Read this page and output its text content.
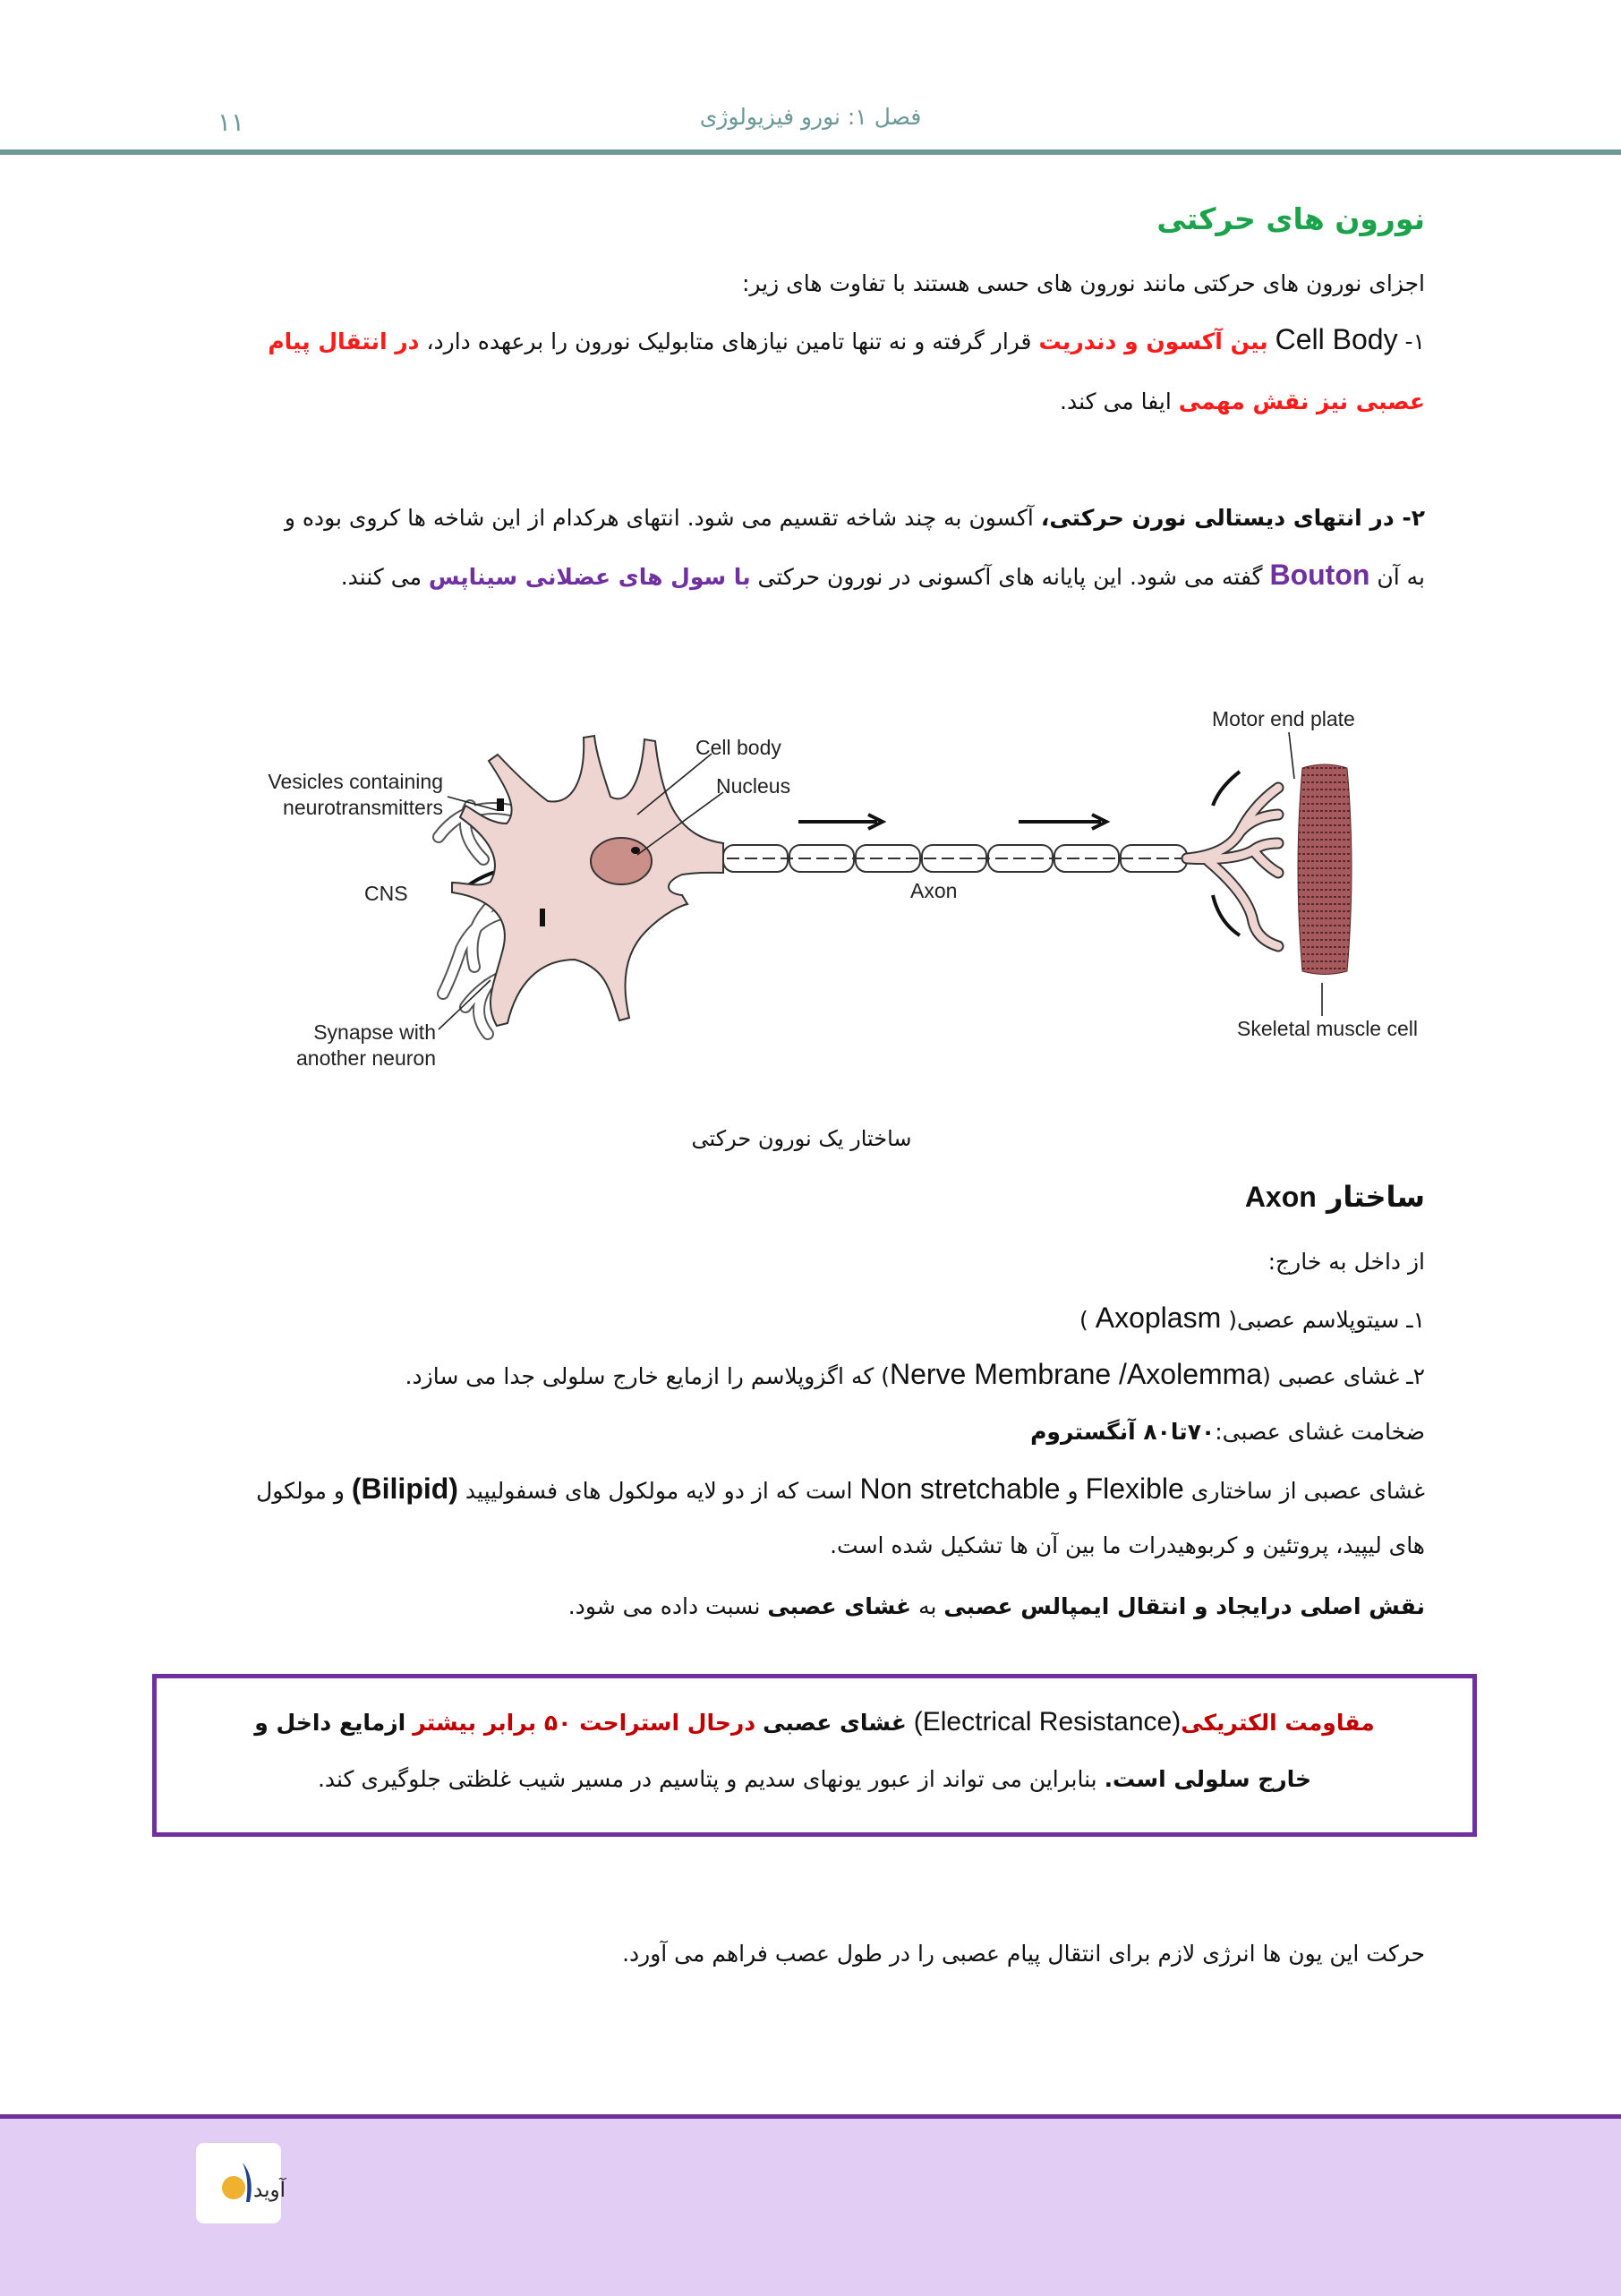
۱۱	فصل ۱: نورو فیزیولوژی
نورون های حرکتی
اجزای نورون های حرکتی مانند نورون های حسی هستند با تفاوت های زیر:
۱- Cell Body بین آکسون و دندریت قرار گرفته و نه تنها تامین نیازهای متابولیک نورون را برعهده دارد، در انتقال پیام
عصبی نیز نقش مهمی ایفا می کند.
۲- در انتهای دیستالی نورن حرکتی، آکسون به چند شاخه تقسیم می شود. انتهای هرکدام از این شاخه ها کروی بوده و
به آن Bouton گفته می شود. این پایانه های آکسونی در نورون حرکتی با سول های عضلانی سیناپس می کنند.
Vesicles containing
neurotransmitters
Cell body
Nucleus
CNS	Axon
Synapse with
another neuron
Motor end plate
Skeletal muscle cell
ساختار یک نورون حرکتی
ساختار Axon
از داخل به خارج:
۱ـ سیتوپلاسم عصبی( Axoplasm )
۲ـ غشای عصبی (Nerve Membrane /Axolemma) که اگزوپلاسم را ازمایع خارج سلولی جدا می سازد.
ضخامت غشای عصبی:۷۰تا۸۰ آنگستروم
غشای عصبی از ساختاری Flexible و Non stretchable است که از دو لایه مولکول های فسفولیپید (Bilipid) و مولکول
های لیپید، پروتئین و کربوهیدرات ما بین آن ها تشکیل شده است.
نقش اصلی درایجاد و انتقال ایمپالس عصبی به غشای عصبی نسبت داده می شود.
مقاومت الکتریکی(Electrical Resistance) غشای عصبی درحال استراحت ۵۰ برابر بیشتر ازمایع داخل و
خارج سلولی است. بنابراین می تواند از عبور یونهای سدیم و پتاسیم در مسیر شیب غلظتی جلوگیری کند.
حرکت این یون ها انرژی لازم برای انتقال پیام عصبی را در طول عصب فراهم می آورد.
آوید
